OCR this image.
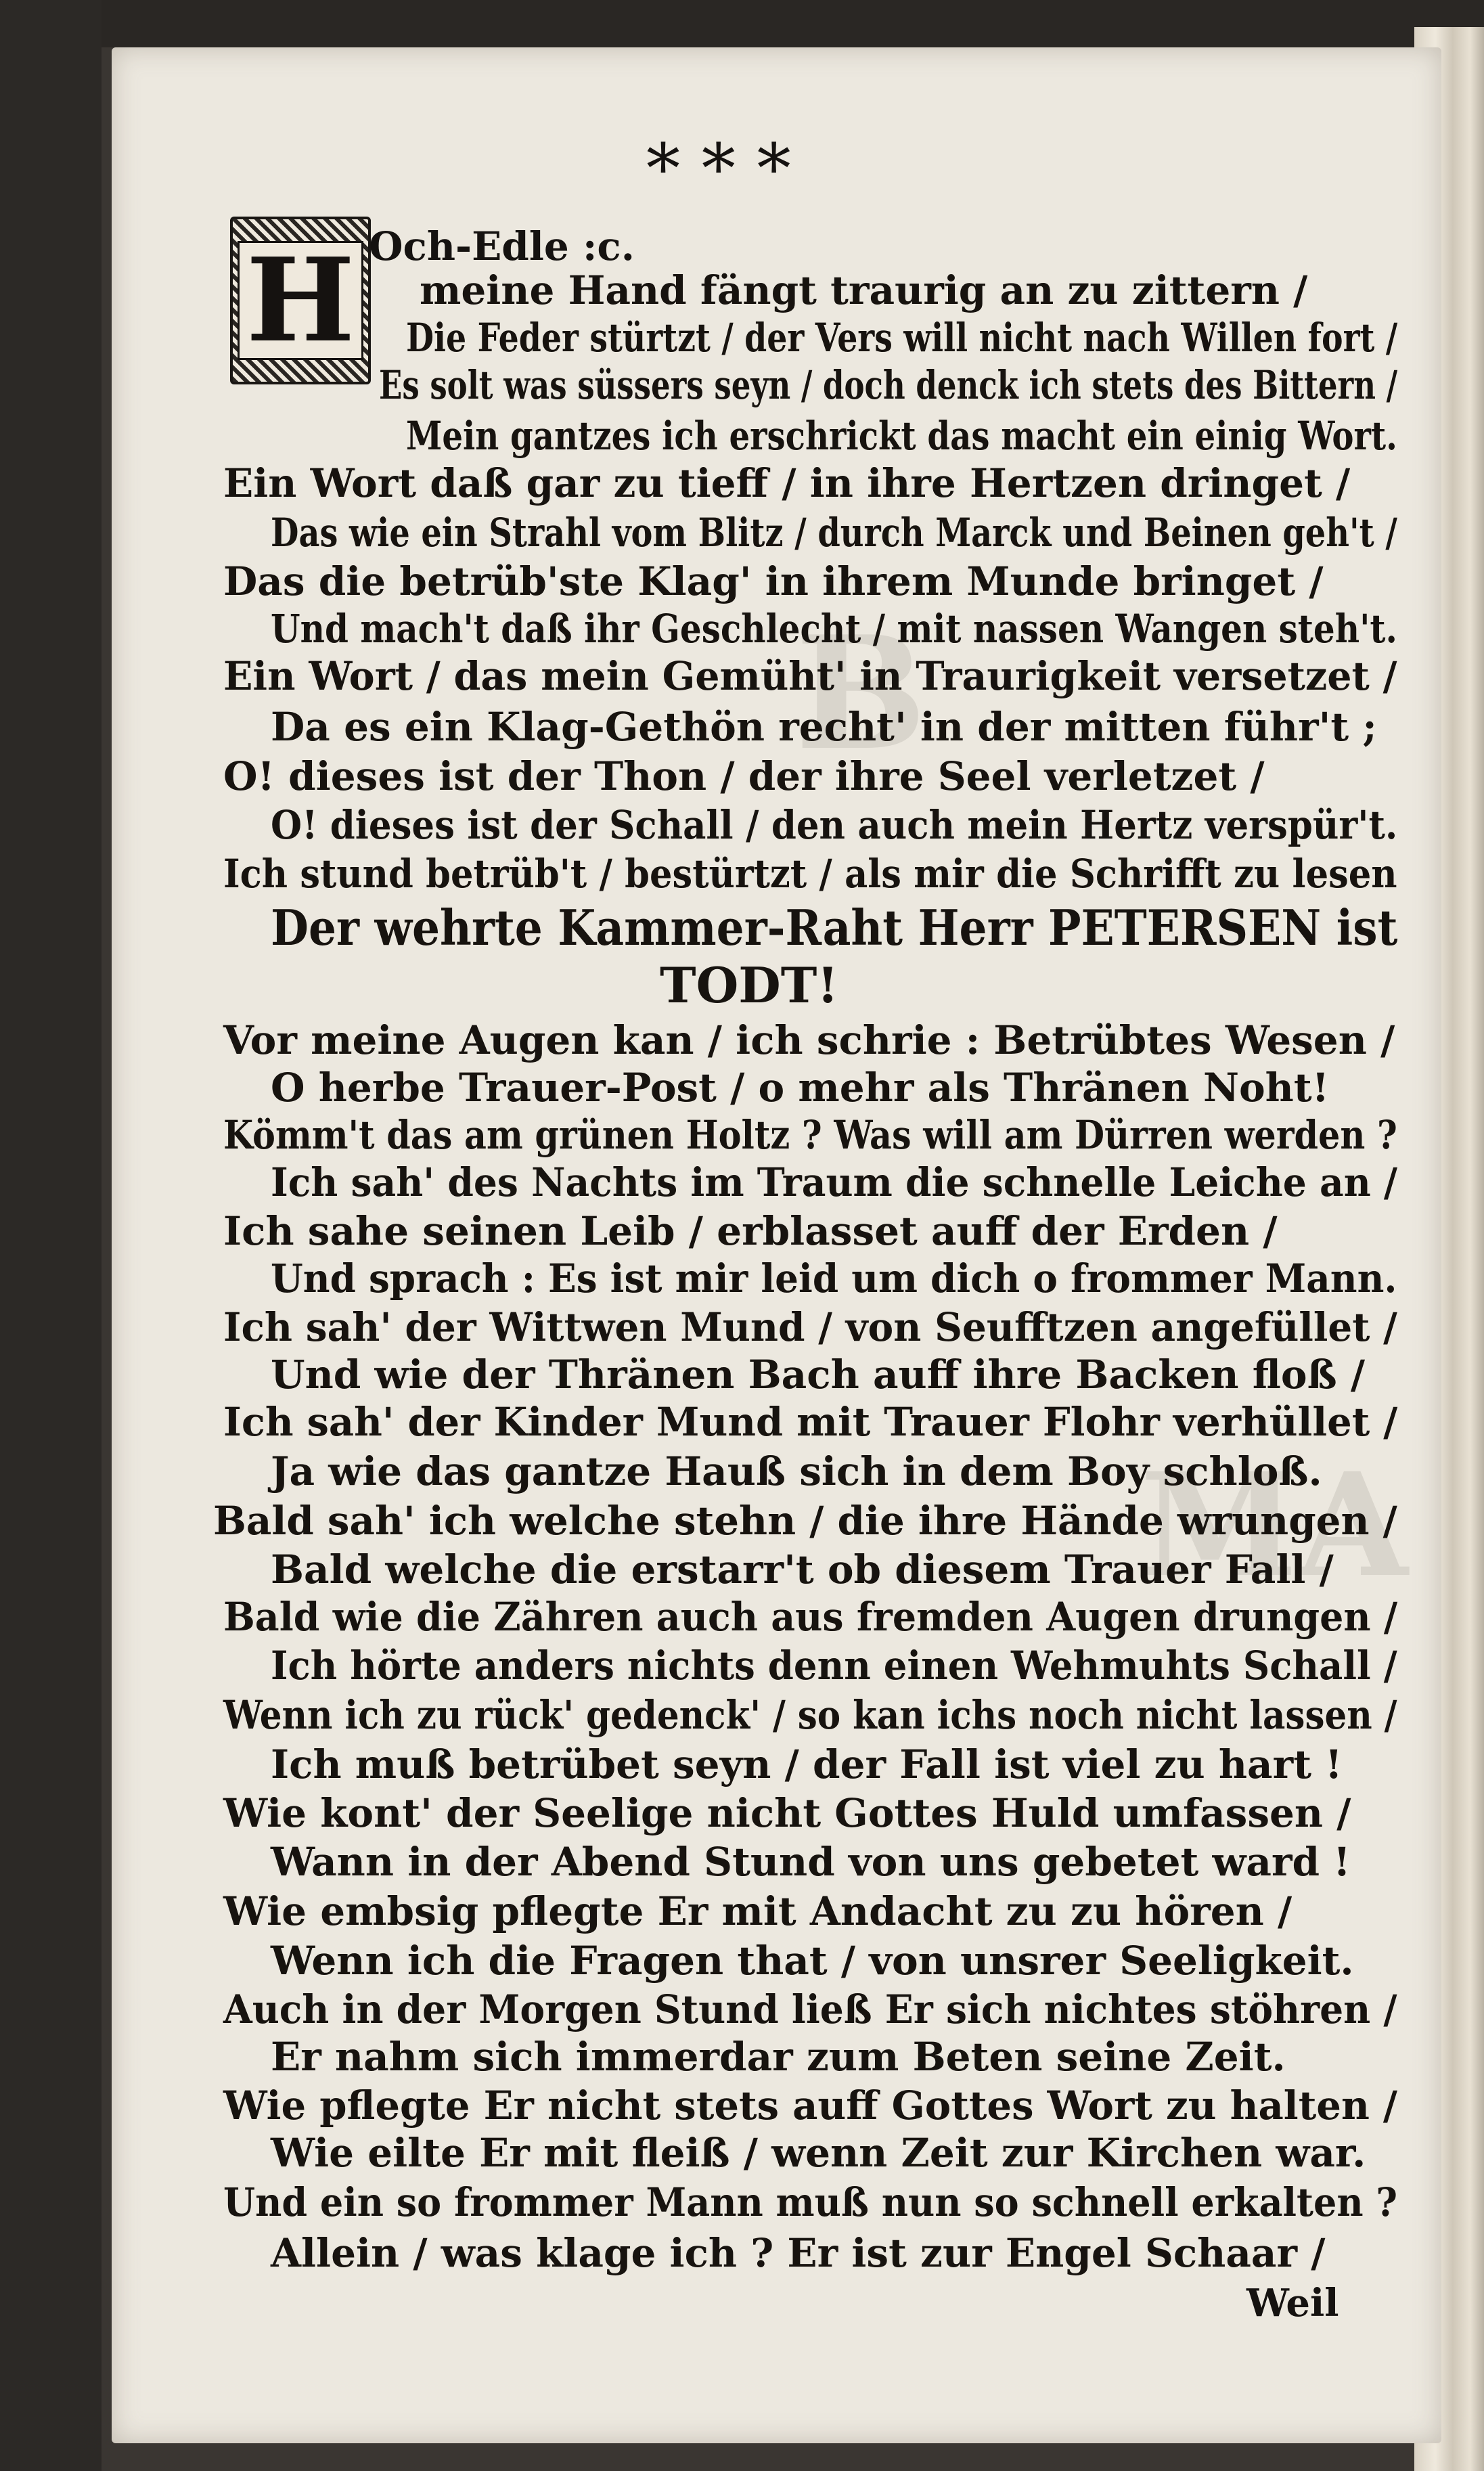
B
MA
* * *
H Och-Edle :c.
meine Hand fängt traurig an zu zittern /
Die Feder stürtzt / der Vers will nicht nach Willen fort /
Es solt was süssers seyn / doch denck ich stets des Bittern /
Mein gantzes ich erschrickt das macht ein einig Wort.
Ein Wort daß gar zu tieff / in ihre Hertzen dringet /
Das wie ein Strahl vom Blitz / durch Marck und Beinen geh't /
Das die betrüb'ste Klag' in ihrem Munde bringet /
Und mach't daß ihr Geschlecht / mit nassen Wangen steh't.
Ein Wort / das mein Gemüht' in Traurigkeit versetzet /
Da es ein Klag-Gethön recht' in der mitten führ't ;
O! dieses ist der Thon / der ihre Seel verletzet /
O! dieses ist der Schall / den auch mein Hertz verspür't.
Ich stund betrüb't / bestürtzt / als mir die Schrifft zu lesen
Der wehrte Kammer-Raht Herr PETERSEN ist
TODT!
Vor meine Augen kan / ich schrie : Betrübtes Wesen /
O herbe Trauer-Post / o mehr als Thränen Noht!
Kömm't das am grünen Holtz ? Was will am Dürren werden ?
Ich sah' des Nachts im Traum die schnelle Leiche an /
Ich sahe seinen Leib / erblasset auff der Erden /
Und sprach : Es ist mir leid um dich o frommer Mann.
Ich sah' der Wittwen Mund / von Seufftzen angefüllet /
Und wie der Thränen Bach auff ihre Backen floß /
Ich sah' der Kinder Mund mit Trauer Flohr verhüllet /
Ja wie das gantze Hauß sich in dem Boy schloß.
Bald sah' ich welche stehn / die ihre Hände wrungen /
Bald welche die erstarr't ob diesem Trauer Fall /
Bald wie die Zähren auch aus fremden Augen drungen /
Ich hörte anders nichts denn einen Wehmuhts Schall /
Wenn ich zu rück' gedenck' / so kan ichs noch nicht lassen /
Ich muß betrübet seyn / der Fall ist viel zu hart !
Wie kont' der Seelige nicht Gottes Huld umfassen /
Wann in der Abend Stund von uns gebetet ward !
Wie embsig pflegte Er mit Andacht zu zu hören /
Wenn ich die Fragen that / von unsrer Seeligkeit.
Auch in der Morgen Stund ließ Er sich nichtes stöhren /
Er nahm sich immerdar zum Beten seine Zeit.
Wie pflegte Er nicht stets auff Gottes Wort zu halten /
Wie eilte Er mit fleiß / wenn Zeit zur Kirchen war.
Und ein so frommer Mann muß nun so schnell erkalten ?
Allein / was klage ich ? Er ist zur Engel Schaar /
Weil
